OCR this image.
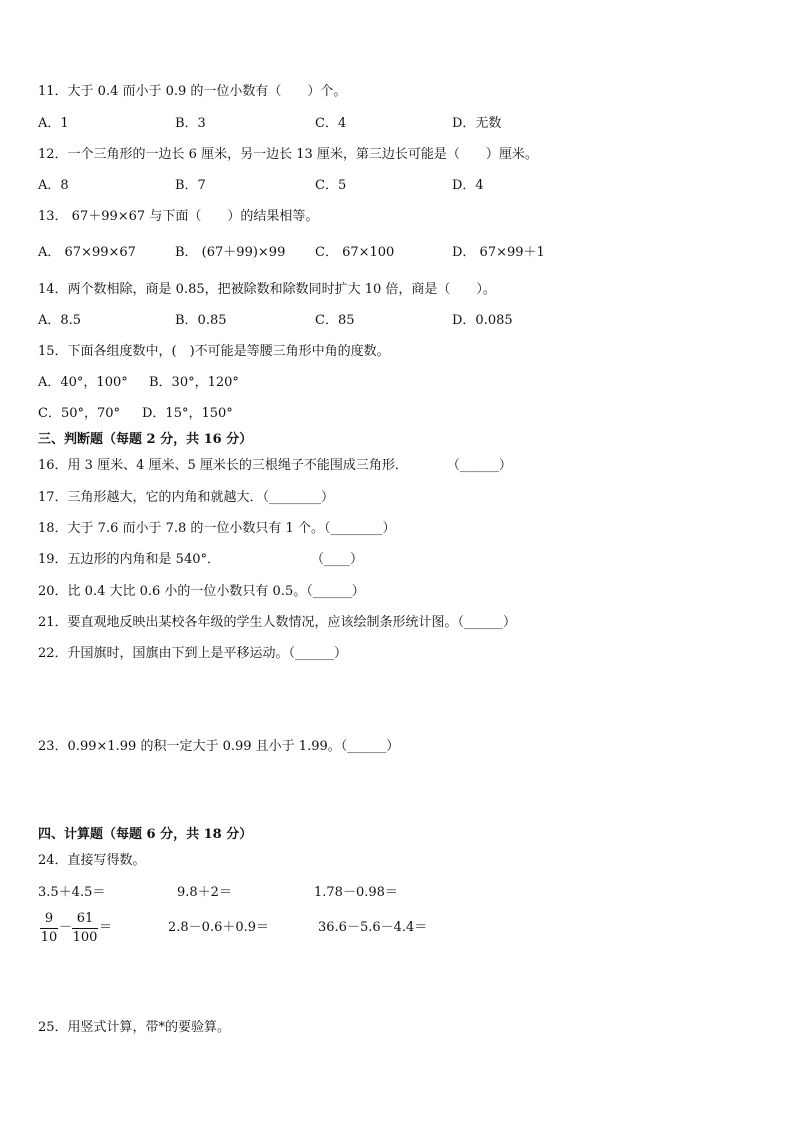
11．大于 0.4 而小于 0.9 的一位小数有（　　）个。
A．1	B．3	C．4	D．无数
12．一个三角形的一边长 6 厘米，另一边长 13 厘米，第三边长可能是（　　）厘米。
A．8	B．7	C．5	D．4
13． 67＋99×67 与下面（　　）的结果相等。
A． 67×99×67	B． (67＋99)×99 C． 67×100	D． 67×99＋1
14．两个数相除，商是 0.85，把被除数和除数同时扩大 10 倍，商是（　　）。
A．8.5	B．0.85	C．85	D．0.085
15．下面各组度数中，(　)不可能是等腰三角形中角的度数。
A．40°，100° B．30°，120°
C．50°，70° D．15°，150°
三、判断题（每题 2 分，共 16 分）
16．用 3 厘米、4 厘米、5 厘米长的三根绳子不能围成三角形．　　　　（______）
17．三角形越大，它的内角和就越大．（________）
18．大于 7.6 而小于 7.8 的一位小数只有 1 个。（________）
19．五边形的内角和是 540°．　　　　　　　　（____）
20．比 0.4 大比 0.6 小的一位小数只有 0.5。（______）
21．要直观地反映出某校各年级的学生人数情况，应该绘制条形统计图。（______）
22．升国旗时，国旗由下到上是平移运动。（______）
23．0.99×1.99 的积一定大于 0.99 且小于 1.99。（______）
四、计算题（每题 6 分，共 18 分）
24．直接写得数。
3.5＋4.5＝	9.8＋2＝	1.78－0.98＝
9
10
－
61
100
＝	2.8－0.6＋0.9＝	36.6－5.6－4.4＝
25．用竖式计算，带*的要验算。
